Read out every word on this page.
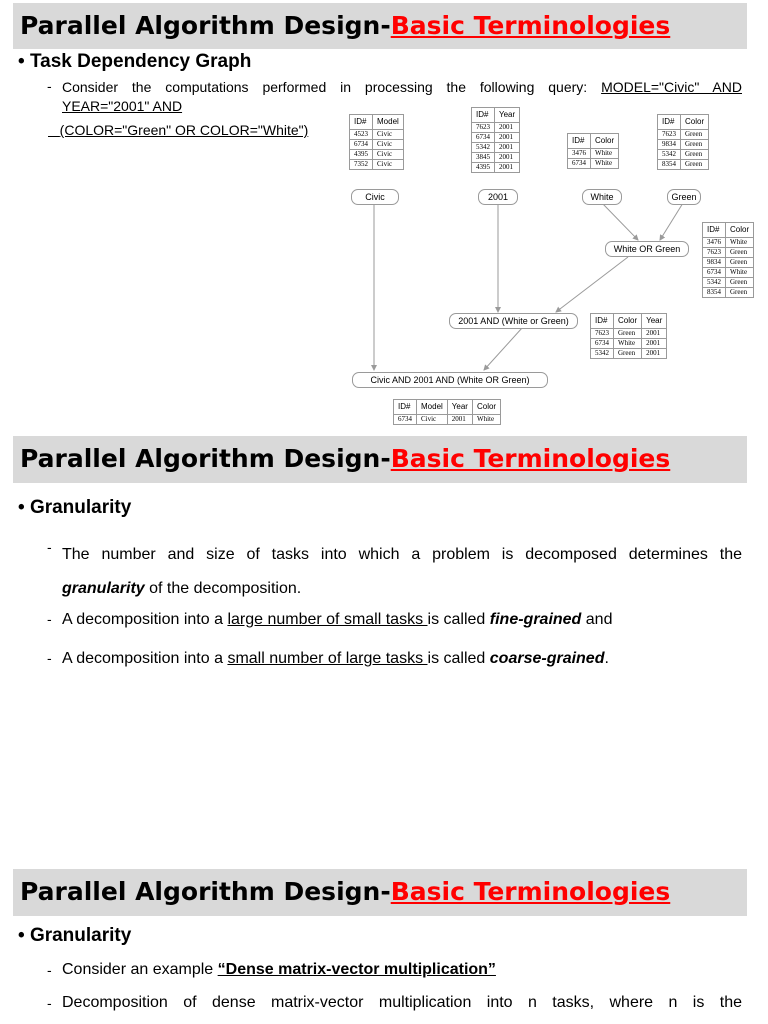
Parallel Algorithm Design-Basic Terminologies
• Task Dependency Graph
- Consider the computations performed in processing the following query: MODEL="Civic" AND
YEAR="2001" AND
(COLOR="Green" OR COLOR="White")
ID#	Model
4523	Civic
6734	Civic
4395	Civic
7352	Civic
ID#	Year
7623	2001
6734	2001
5342	2001
3845	2001
4395	2001
ID#	Color
3476	White
6734	White
ID#	Color
7623	Green
9834	Green
5342	Green
8354	Green
ID#	Color
3476	White
7623	Green
9834	Green
6734	White
5342	Green
8354	Green
ID#	Color	Year
7623	Green	2001
6734	White	2001
5342	Green	2001
ID#	Model	Year	Color
6734	Civic	2001	White
Civic	2001	White	Green
White OR Green
2001 AND (White or Green)
Civic AND 2001 AND (White OR Green)
Parallel Algorithm Design-Basic Terminologies
• Granularity
- The number and size of tasks into which a problem is decomposed determines the
granularity of the decomposition.
- A decomposition into a large number of small tasks is called fine-grained and
- A decomposition into a small number of large tasks is called coarse-grained.
Parallel Algorithm Design-Basic Terminologies
• Granularity
- Consider an example “Dense matrix-vector multiplication”
- Decomposition of dense matrix-vector multiplication into n tasks, where n is the
